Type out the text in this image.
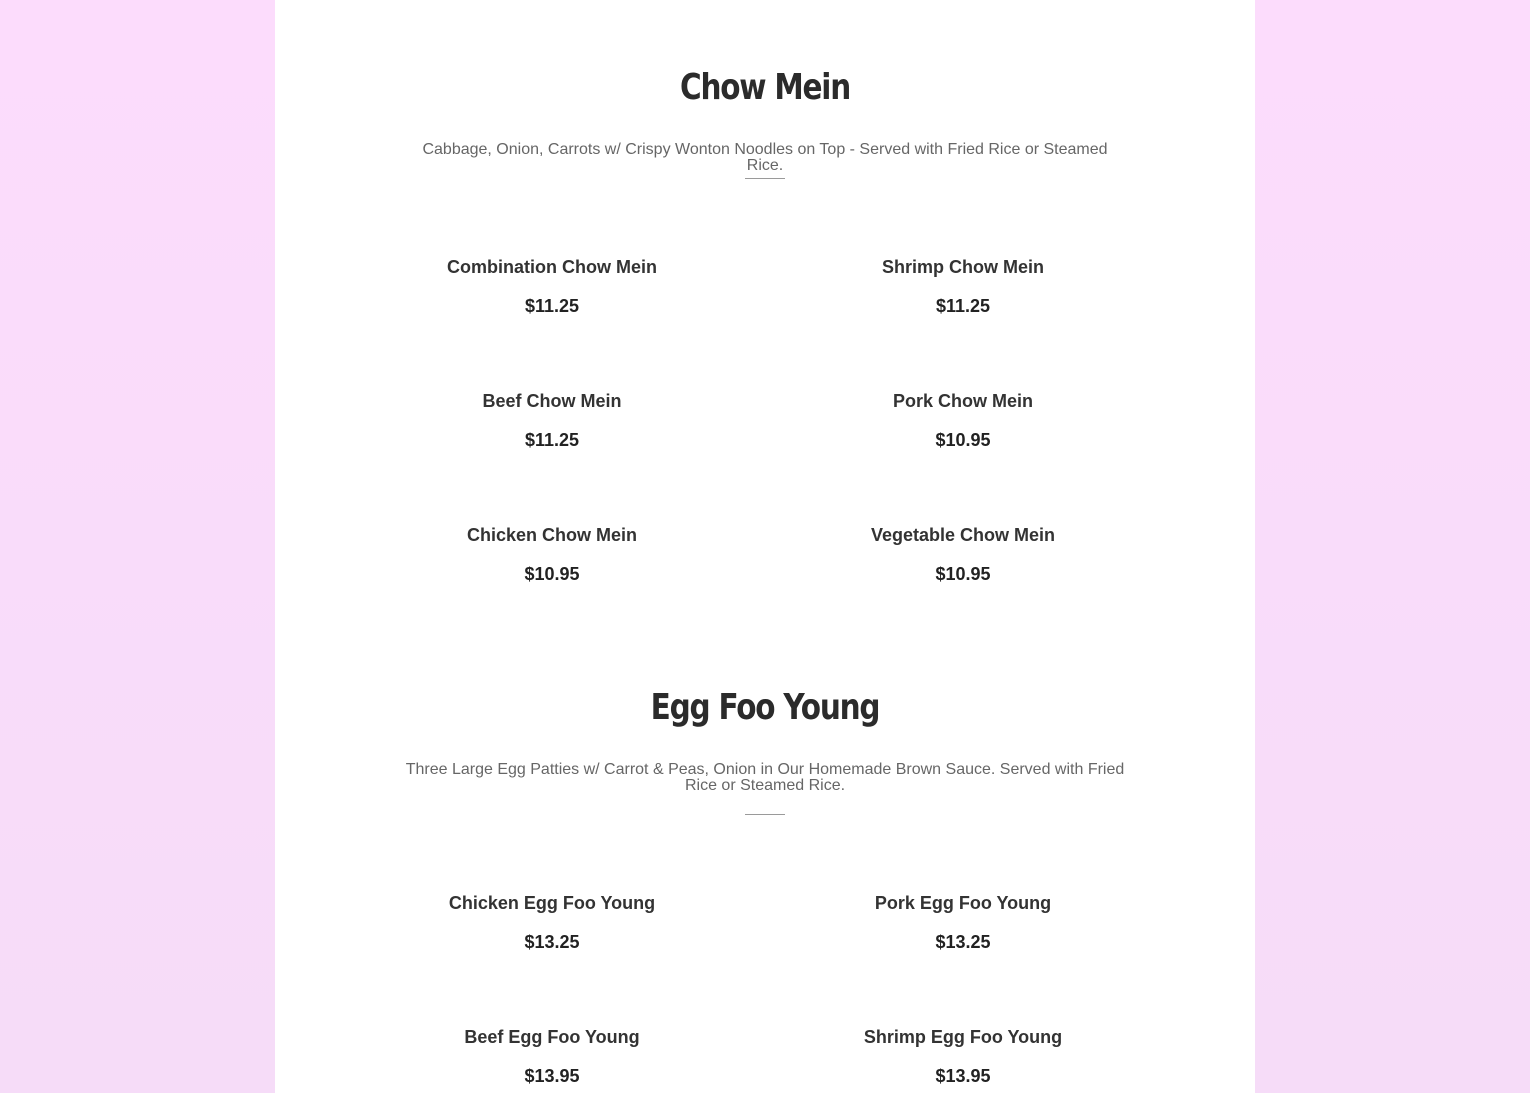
Chow Mein

Cabbage, Onion, Carrots w/ Crispy Wonton Noodles on Top - Served with Fried Rice or Steamed Rice.

Combination Chow Mein
$11.25
Shrimp Chow Mein
$11.25
Beef Chow Mein
$11.25
Pork Chow Mein
$10.95
Chicken Chow Mein
$10.95
Vegetable Chow Mein
$10.95
Egg Foo Young

Three Large Egg Patties w/ Carrot & Peas, Onion in Our Homemade Brown Sauce. Served with Fried Rice or Steamed Rice.

Chicken Egg Foo Young
$13.25
Pork Egg Foo Young
$13.25
Beef Egg Foo Young
$13.95
Shrimp Egg Foo Young
$13.95
